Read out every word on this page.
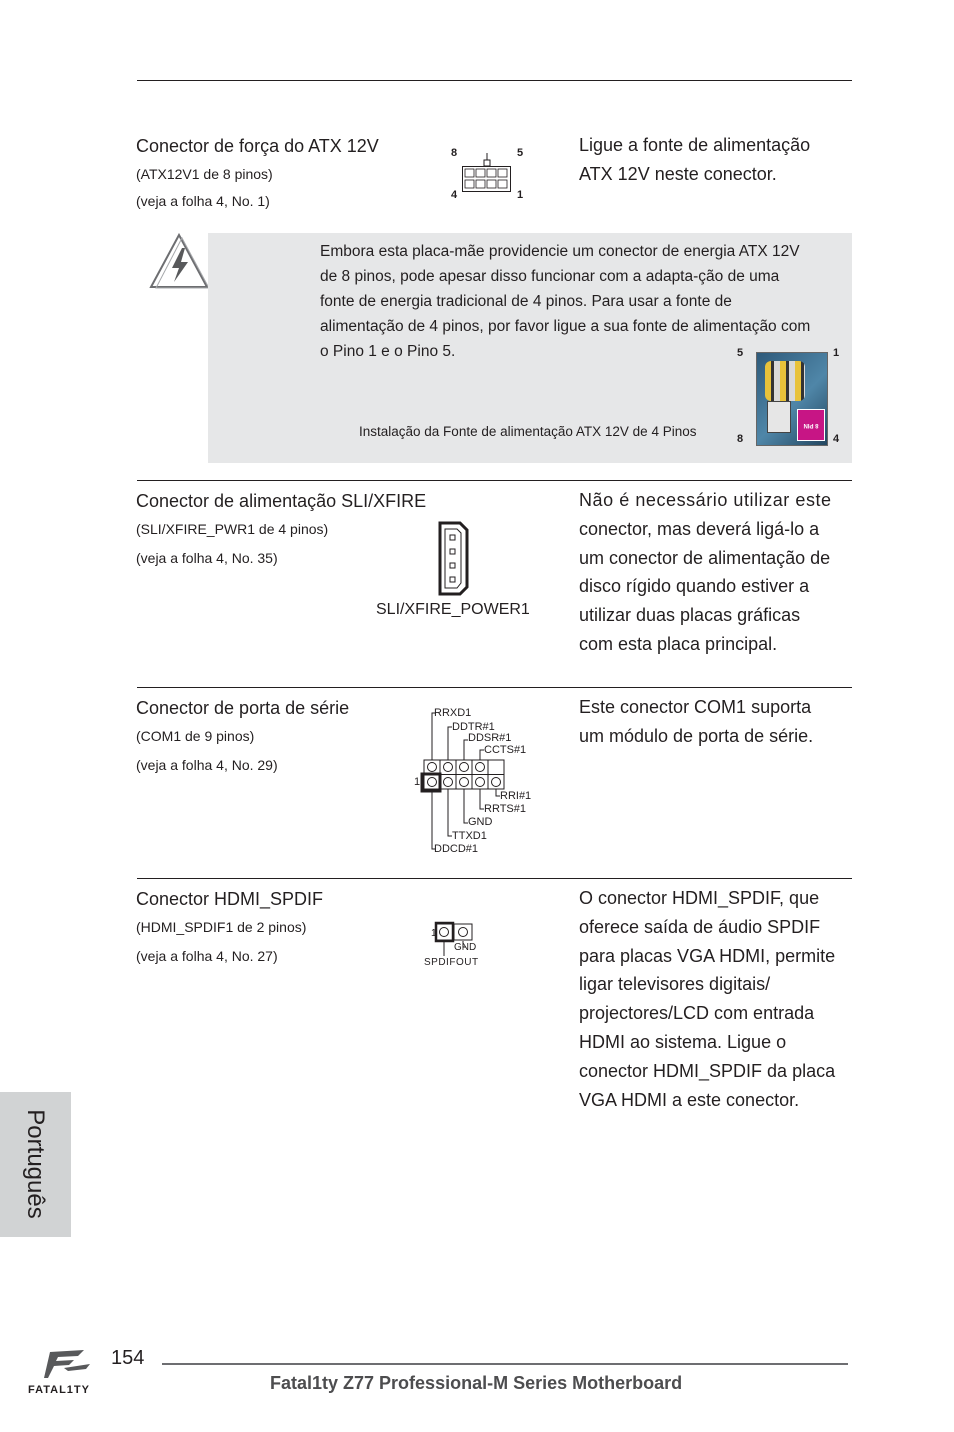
Conector de força do ATX 12V
(ATX12V1 de 8 pinos)
(veja a folha 4, No. 1)
8	5
4	1
Ligue a fonte de alimentação
ATX 12V neste conector.
Embora esta placa-mãe providencie um conector de energia ATX 12V
de 8 pinos, pode apesar disso funcionar com a adapta-ção de uma
fonte de energia tradicional de 4 pinos. Para usar a fonte de
alimentação de 4 pinos, por favor ligue a sua fonte de alimentação com
o Pino 1 e o Pino 5.
Instalação da Fonte de alimentação ATX 12V de 4 Pinos
5	1
8	4
8 PIN
Conector de alimentação SLI/XFIRE
(SLI/XFIRE_PWR1 de 4 pinos)
(veja a folha 4, No. 35)
SLI/XFIRE_POWER1
Não é necessário utilizar este
conector, mas deverá ligá-lo a
um conector de alimentação de
disco rígido quando estiver a
utilizar duas placas gráficas
com esta placa principal.
Conector de porta de série
(COM1 de 9 pinos)
(veja a folha 4, No. 29)
1
RRXD1
DDTR#1
DDSR#1
CCTS#1
RRI#1
RRTS#1
GND
TTXD1
DDCD#1
Este conector COM1 suporta
um módulo de porta de série.
Conector HDMI_SPDIF
(HDMI_SPDIF1 de 2 pinos)
(veja a folha 4, No. 27)
1
GND
SPDIFOUT
O conector HDMI_SPDIF, que
oferece saída de áudio SPDIF
para placas VGA HDMI, permite
ligar televisores digitais/
projectores/LCD com entrada
HDMI ao sistema. Ligue o
conector HDMI_SPDIF da placa
VGA HDMI a este conector.
Português
FATAL1TY
154
Fatal1ty Z77 Professional-M Series Motherboard
